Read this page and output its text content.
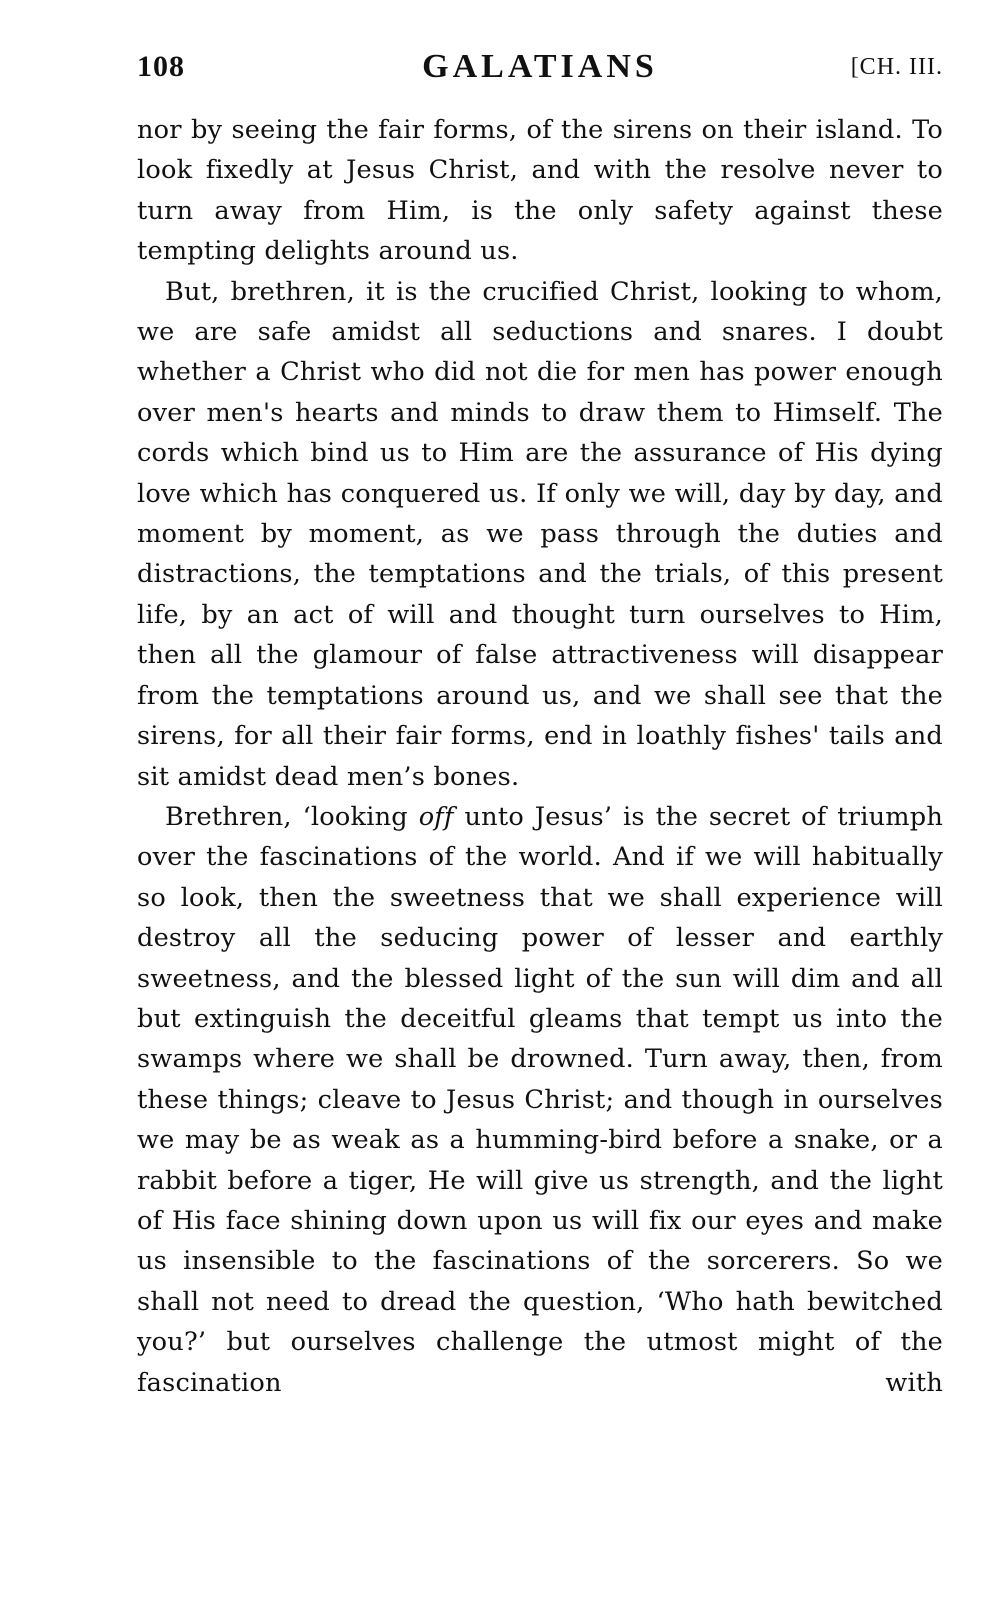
108	GALATIANS	[CH. III.

nor by seeing the fair forms, of the sirens on their island. To look fixedly at Jesus Christ, and with the resolve never to turn away from Him, is the only safety against these tempting delights around us.

But, brethren, it is the crucified Christ, looking to whom, we are safe amidst all seductions and snares. I doubt whether a Christ who did not die for men has power enough over men's hearts and minds to draw them to Himself. The cords which bind us to Him are the assurance of His dying love which has conquered us. If only we will, day by day, and moment by moment, as we pass through the duties and distractions, the temptations and the trials, of this present life, by an act of will and thought turn ourselves to Him, then all the glamour of false attractiveness will disappear from the temptations around us, and we shall see that the sirens, for all their fair forms, end in loathly fishes' tails and sit amidst dead men’s bones.

Brethren, ‘looking off unto Jesus’ is the secret of triumph over the fascinations of the world. And if we will habitually so look, then the sweetness that we shall experience will destroy all the seducing power of lesser and earthly sweetness, and the blessed light of the sun will dim and all but extinguish the deceitful gleams that tempt us into the swamps where we shall be drowned. Turn away, then, from these things; cleave to Jesus Christ; and though in ourselves we may be as weak as a humming-bird before a snake, or a rabbit before a tiger, He will give us strength, and the light of His face shining down upon us will fix our eyes and make us insensible to the fascinations of the sorcerers. So we shall not need to dread the question, ‘Who hath bewitched you?’ but ourselves challenge the utmost might of the fascination with
